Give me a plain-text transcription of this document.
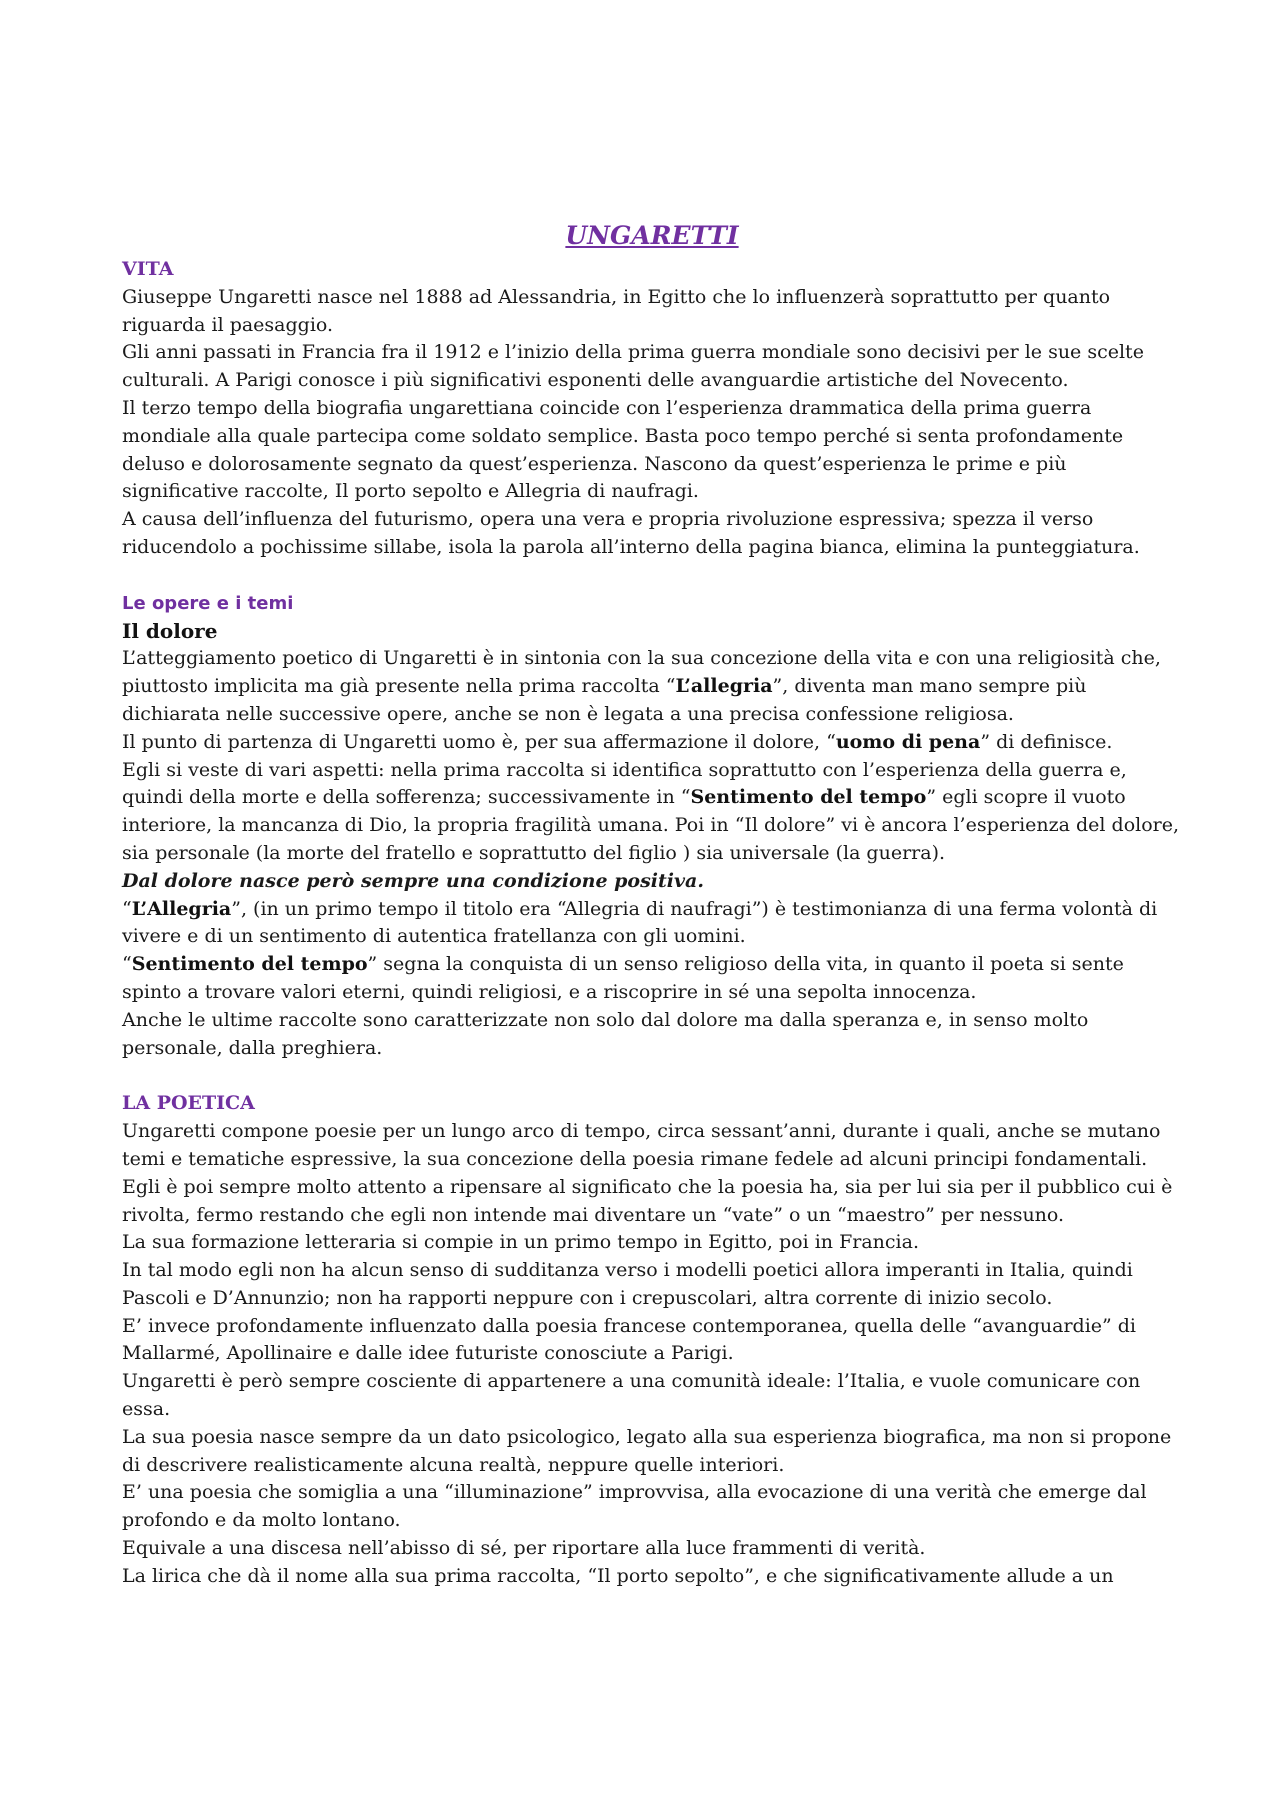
UNGARETTI
VITA

Giuseppe Ungaretti nasce nel 1888 ad Alessandria, in Egitto che lo influenzerà soprattutto per quanto riguarda il paesaggio.

Gli anni passati in Francia fra il 1912 e l’inizio della prima guerra mondiale sono decisivi per le sue scelte culturali. A Parigi conosce i più significativi esponenti delle avanguardie artistiche del Novecento.

Il terzo tempo della biografia ungarettiana coincide con l’esperienza drammatica della prima guerra mondiale alla quale partecipa come soldato semplice. Basta poco tempo perché si senta profondamente deluso e dolorosamente segnato da quest’esperienza. Nascono da quest’esperienza le prime e più significative raccolte, Il porto sepolto e Allegria di naufragi.

A causa dell’influenza del futurismo, opera una vera e propria rivoluzione espressiva; spezza il verso riducendolo a pochissime sillabe, isola la parola all’interno della pagina bianca, elimina la punteggiatura.

Le opere e i temi
Il dolore

L’atteggiamento poetico di Ungaretti è in sintonia con la sua concezione della vita e con una religiosità che, piuttosto implicita ma già presente nella prima raccolta “L’allegria”, diventa man mano sempre più dichiarata nelle successive opere, anche se non è legata a una precisa confessione religiosa.

Il punto di partenza di Ungaretti uomo è, per sua affermazione il dolore, “uomo di pena” di definisce.

Egli si veste di vari aspetti: nella prima raccolta si identifica soprattutto con l’esperienza della guerra e, quindi della morte e della sofferenza; successivamente in “Sentimento del tempo” egli scopre il vuoto interiore, la mancanza di Dio, la propria fragilità umana. Poi in “Il dolore” vi è ancora l’esperienza del dolore, sia personale (la morte del fratello e soprattutto del figlio ) sia universale (la guerra).

Dal dolore nasce però sempre una condizione positiva.

“L’Allegria”, (in un primo tempo il titolo era “Allegria di naufragi”) è testimonianza di una ferma volontà di vivere e di un sentimento di autentica fratellanza con gli uomini.

“Sentimento del tempo” segna la conquista di un senso religioso della vita, in quanto il poeta si sente spinto a trovare valori eterni, quindi religiosi, e a riscoprire in sé una sepolta innocenza.

Anche le ultime raccolte sono caratterizzate non solo dal dolore ma dalla speranza e, in senso molto personale, dalla preghiera.

LA POETICA

Ungaretti compone poesie per un lungo arco di tempo, circa sessant’anni, durante i quali, anche se mutano temi e tematiche espressive, la sua concezione della poesia rimane fedele ad alcuni principi fondamentali.

Egli è poi sempre molto attento a ripensare al significato che la poesia ha, sia per lui sia per il pubblico cui è rivolta, fermo restando che egli non intende mai diventare un “vate” o un “maestro” per nessuno.

La sua formazione letteraria si compie in un primo tempo in Egitto, poi in Francia.

In tal modo egli non ha alcun senso di sudditanza verso i modelli poetici allora imperanti in Italia, quindi Pascoli e D’Annunzio; non ha rapporti neppure con i crepuscolari, altra corrente di inizio secolo.

E’ invece profondamente influenzato dalla poesia francese contemporanea, quella delle “avanguardie” di Mallarmé, Apollinaire e dalle idee futuriste conosciute a Parigi.

Ungaretti è però sempre cosciente di appartenere a una comunità ideale: l’Italia, e vuole comunicare con essa.

La sua poesia nasce sempre da un dato psicologico, legato alla sua esperienza biografica, ma non si propone di descrivere realisticamente alcuna realtà, neppure quelle interiori.

E’ una poesia che somiglia a una “illuminazione” improvvisa, alla evocazione di una verità che emerge dal profondo e da molto lontano.

Equivale a una discesa nell’abisso di sé, per riportare alla luce frammenti di verità.

La lirica che dà il nome alla sua prima raccolta, “Il porto sepolto”, e che significativamente allude a un
